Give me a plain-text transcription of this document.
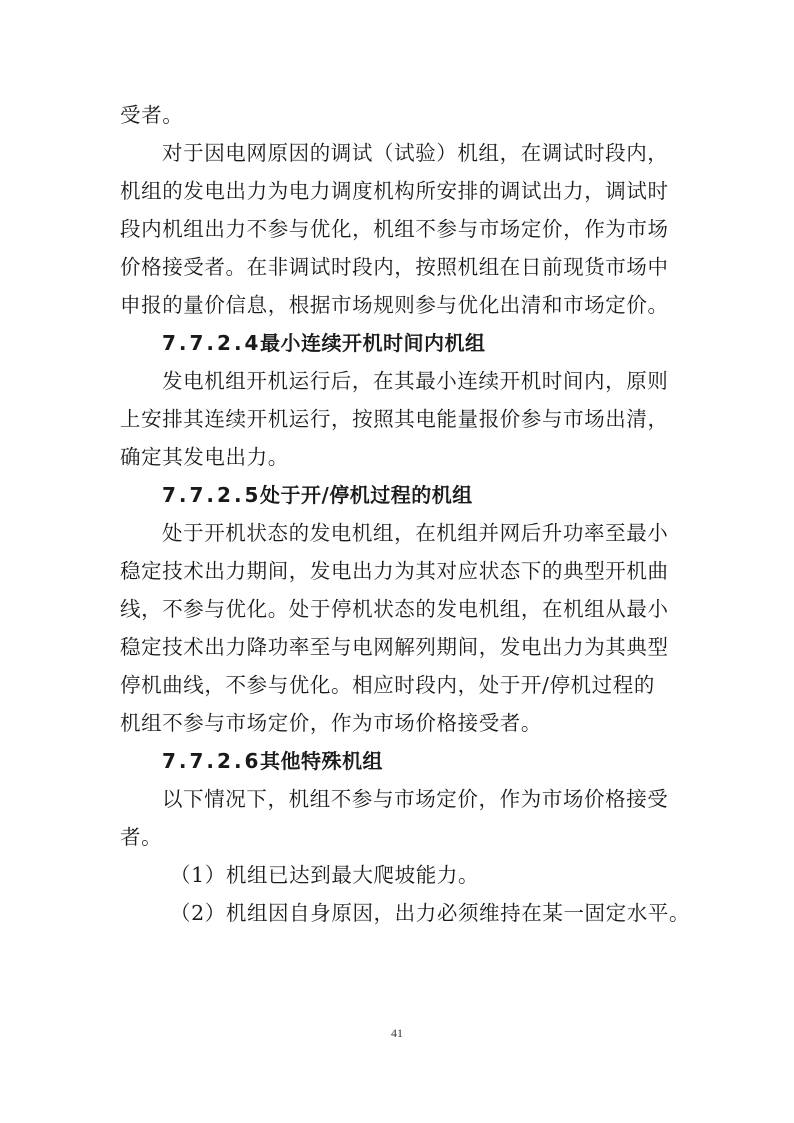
受者。

对于因电网原因的调试（试验）机组，在调试时段内，

机组的发电出力为电力调度机构所安排的调试出力，调试时

段内机组出力不参与优化，机组不参与市场定价，作为市场

价格接受者。在非调试时段内，按照机组在日前现货市场中

申报的量价信息，根据市场规则参与优化出清和市场定价。

7.7.2.4最小连续开机时间内机组

发电机组开机运行后，在其最小连续开机时间内，原则

上安排其连续开机运行，按照其电能量报价参与市场出清，

确定其发电出力。

7.7.2.5处于开/停机过程的机组

处于开机状态的发电机组，在机组并网后升功率至最小

稳定技术出力期间，发电出力为其对应状态下的典型开机曲

线，不参与优化。处于停机状态的发电机组，在机组从最小

稳定技术出力降功率至与电网解列期间，发电出力为其典型

停机曲线，不参与优化。相应时段内，处于开/停机过程的

机组不参与市场定价，作为市场价格接受者。

7.7.2.6其他特殊机组

以下情况下，机组不参与市场定价，作为市场价格接受

者。

（1）机组已达到最大爬坡能力。

（2）机组因自身原因，出力必须维持在某一固定水平。

41
